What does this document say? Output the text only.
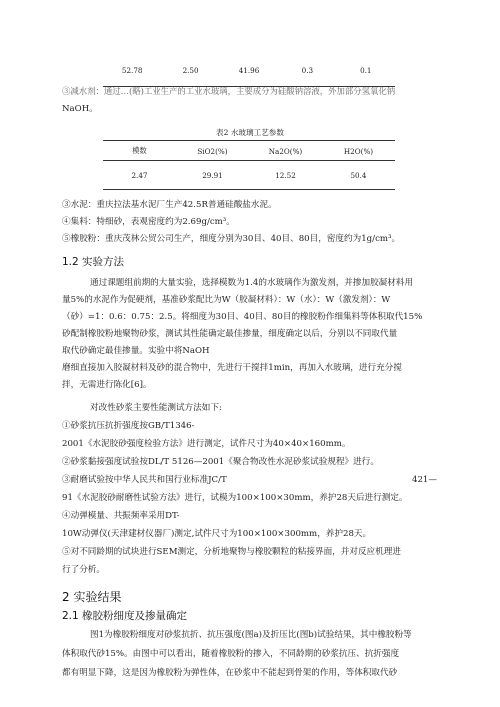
52.78	2.50	41.96	0.3	0.1
③减水剂：通过…(略)工业生产的工业水玻璃，主要成分为硅酸钠溶液，外加部分氢氧化钠
NaOH。
表2 水玻璃工艺参数
模数	SiO2(%)	Na2O(%)	H2O(%)
2.47	29.91	12.52	50.4
③水泥：重庆拉法基水泥厂生产42.5R普通硅酸盐水泥。
④集料：特细砂，表观密度约为2.69g/cm³。
⑤橡胶粉：重庆茂林公贸公司生产，细度分别为30目、40目、80目，密度约为1g/cm³。
1.2 实验方法
通过课题组前期的大量实验，选择模数为1.4的水玻璃作为激发剂，并掺加胶凝材料用
量5%的水泥作为促硬剂，基准砂浆配比为W（胶凝材料）：W（水）：W（激发剂）：W
（砂）=1：0.6：0.75：2.5。将细度为30目、40目、80目的橡胶粉作细集料等体积取代15%
砂配制橡胶粉地聚物砂浆，测试其性能确定最佳掺量，细度确定以后，分别以不同取代量
取代砂确定最佳掺量。实验中将NaOH
磨细直接加入胶凝材料及砂的混合物中，先进行干搅拌1min，再加入水玻璃，进行充分搅
拌，无需进行陈化[6]。
对改性砂浆主要性能测试方法如下:
①砂浆抗压抗折强度按GB/T1346-
2001《水泥胶砂强度检验方法》进行测定，试件尺寸为40×40×160mm。
②砂浆黏接强度试验按DL/T 5126—2001《聚合物改性水泥砂浆试验规程》进行。
③耐磨试验按中华人民共和国行业标准JC/T	421—
91《水泥胶砂耐磨性试验方法》进行，试模为100×100×30mm，养护28天后进行测定。
④动弹模量、共振频率采用DT-
10W动弹仪(天津建材仪器厂)测定,试件尺寸为100×100×300mm，养护28天。
⑤对不同龄期的试块进行SEM测定，分析地聚物与橡胶颗粒的粘接界面，并对反应机理进
行了分析。
2 实验结果
2.1 橡胶粉细度及掺量确定
图1为橡胶粉细度对砂浆抗折、抗压强度(图a)及折压比(图b)试验结果，其中橡胶粉等
体积取代砂15%。由图中可以看出，随着橡胶粉的掺入，不同龄期的砂浆抗压、抗折强度
都有明显下降，这是因为橡胶粉为弹性体，在砂浆中不能起到骨架的作用，等体积取代砂
